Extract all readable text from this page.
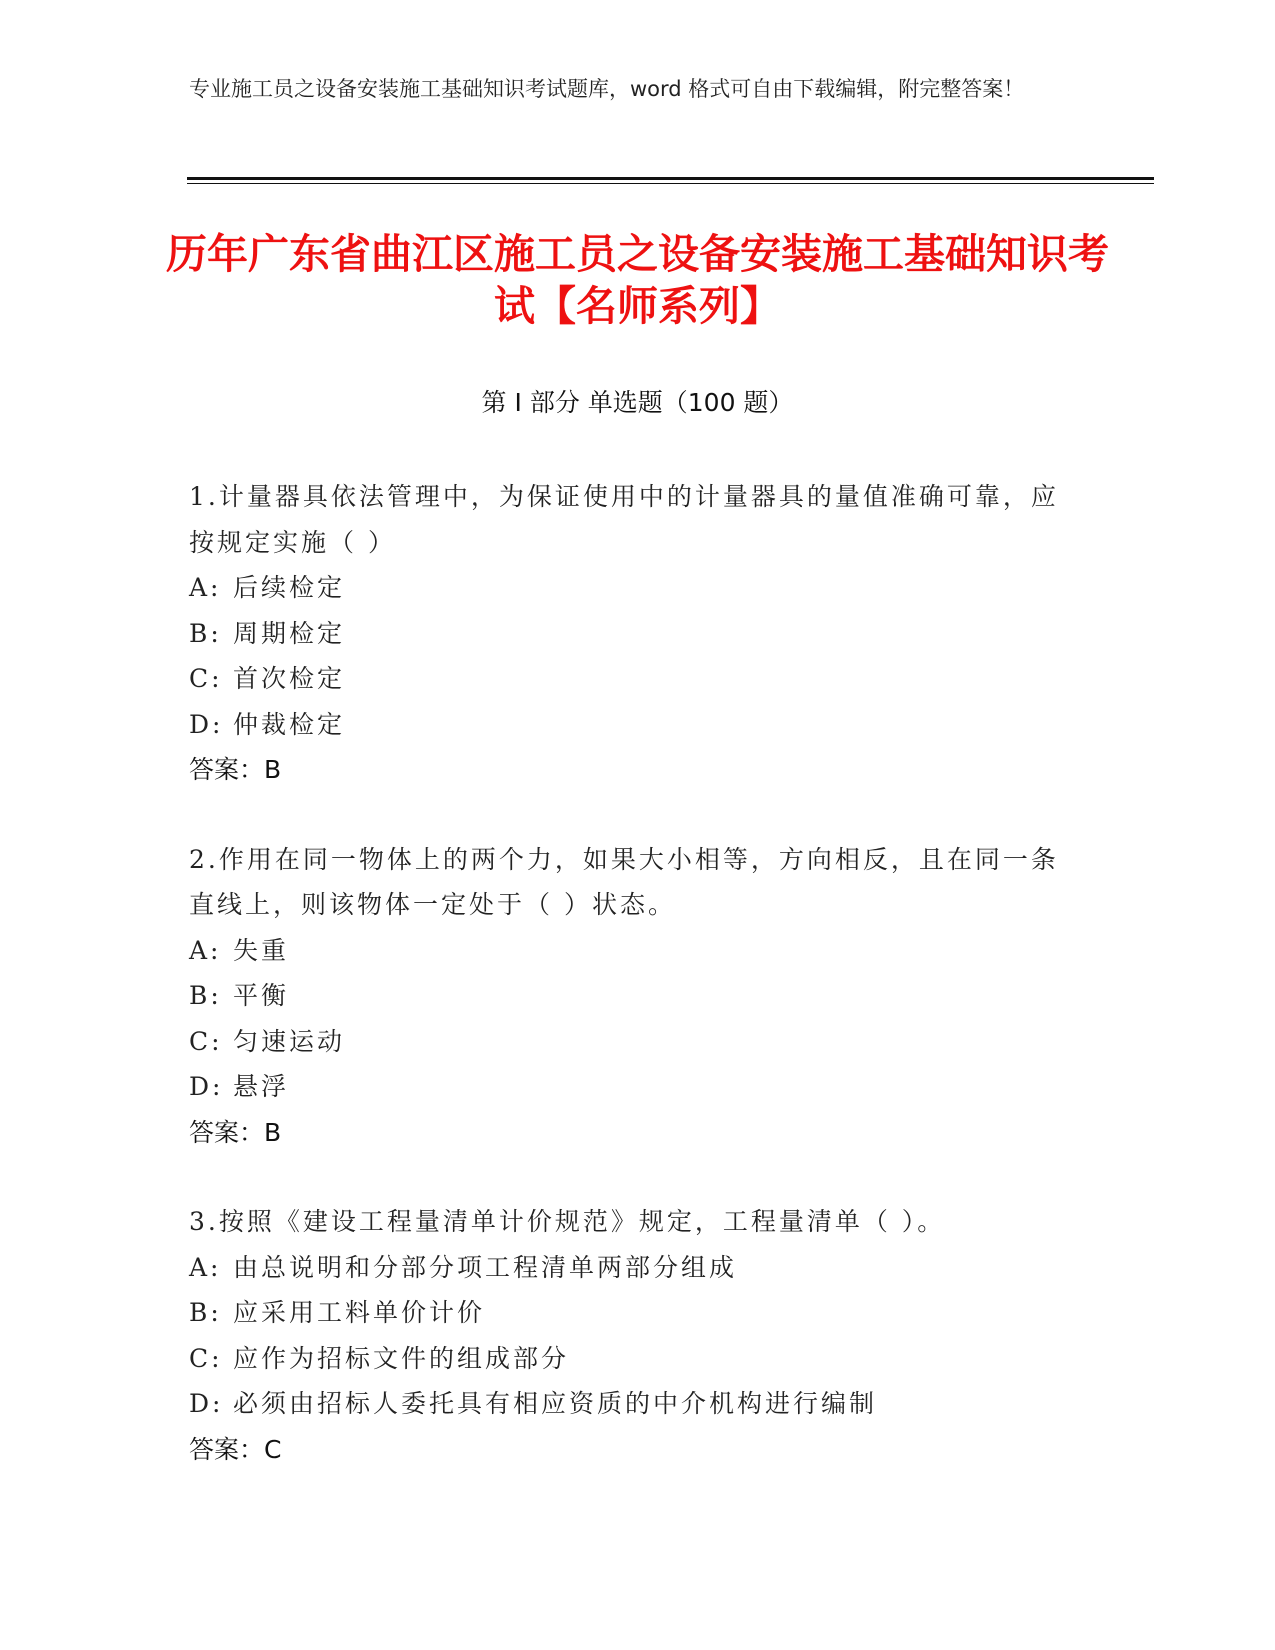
专业施工员之设备安装施工基础知识考试题库，word 格式可自由下载编辑，附完整答案！
历年广东省曲江区施工员之设备安装施工基础知识考试【名师系列】
第 I 部分 单选题（100 题）
1.计量器具依法管理中，为保证使用中的计量器具的量值准确可靠，应按规定实施（ ）
A: 后续检定
B: 周期检定
C: 首次检定
D: 仲裁检定
答案：B
2.作用在同一物体上的两个力，如果大小相等，方向相反，且在同一条直线上，则该物体一定处于（ ）状态。
A: 失重
B: 平衡
C: 匀速运动
D: 悬浮
答案：B
3.按照《建设工程量清单计价规范》规定，工程量清单（ ）。
A: 由总说明和分部分项工程清单两部分组成
B: 应采用工料单价计价
C: 应作为招标文件的组成部分
D: 必须由招标人委托具有相应资质的中介机构进行编制
答案：C
